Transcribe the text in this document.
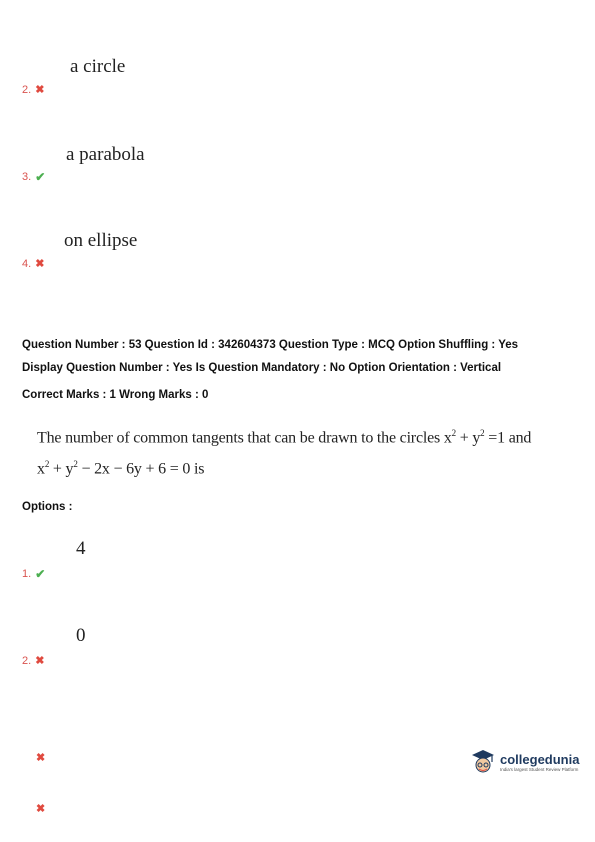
a circle
2. ✖
a parabola
3. ✔
on ellipse
4. ✖
Question Number : 53 Question Id : 342604373 Question Type : MCQ Option Shuffling : Yes
Display Question Number : Yes Is Question Mandatory : No Option Orientation : Vertical
Correct Marks : 1 Wrong Marks : 0
The number of common tangents that can be drawn to the circles $x^2 + y^2 =1$ and
$x^2 + y^2 - 2x - 6y + 6 = 0$ is
Options :
4
1. ✔
0
2. ✖
✖
✖
collegedunia
India's largest Student Review Platform
